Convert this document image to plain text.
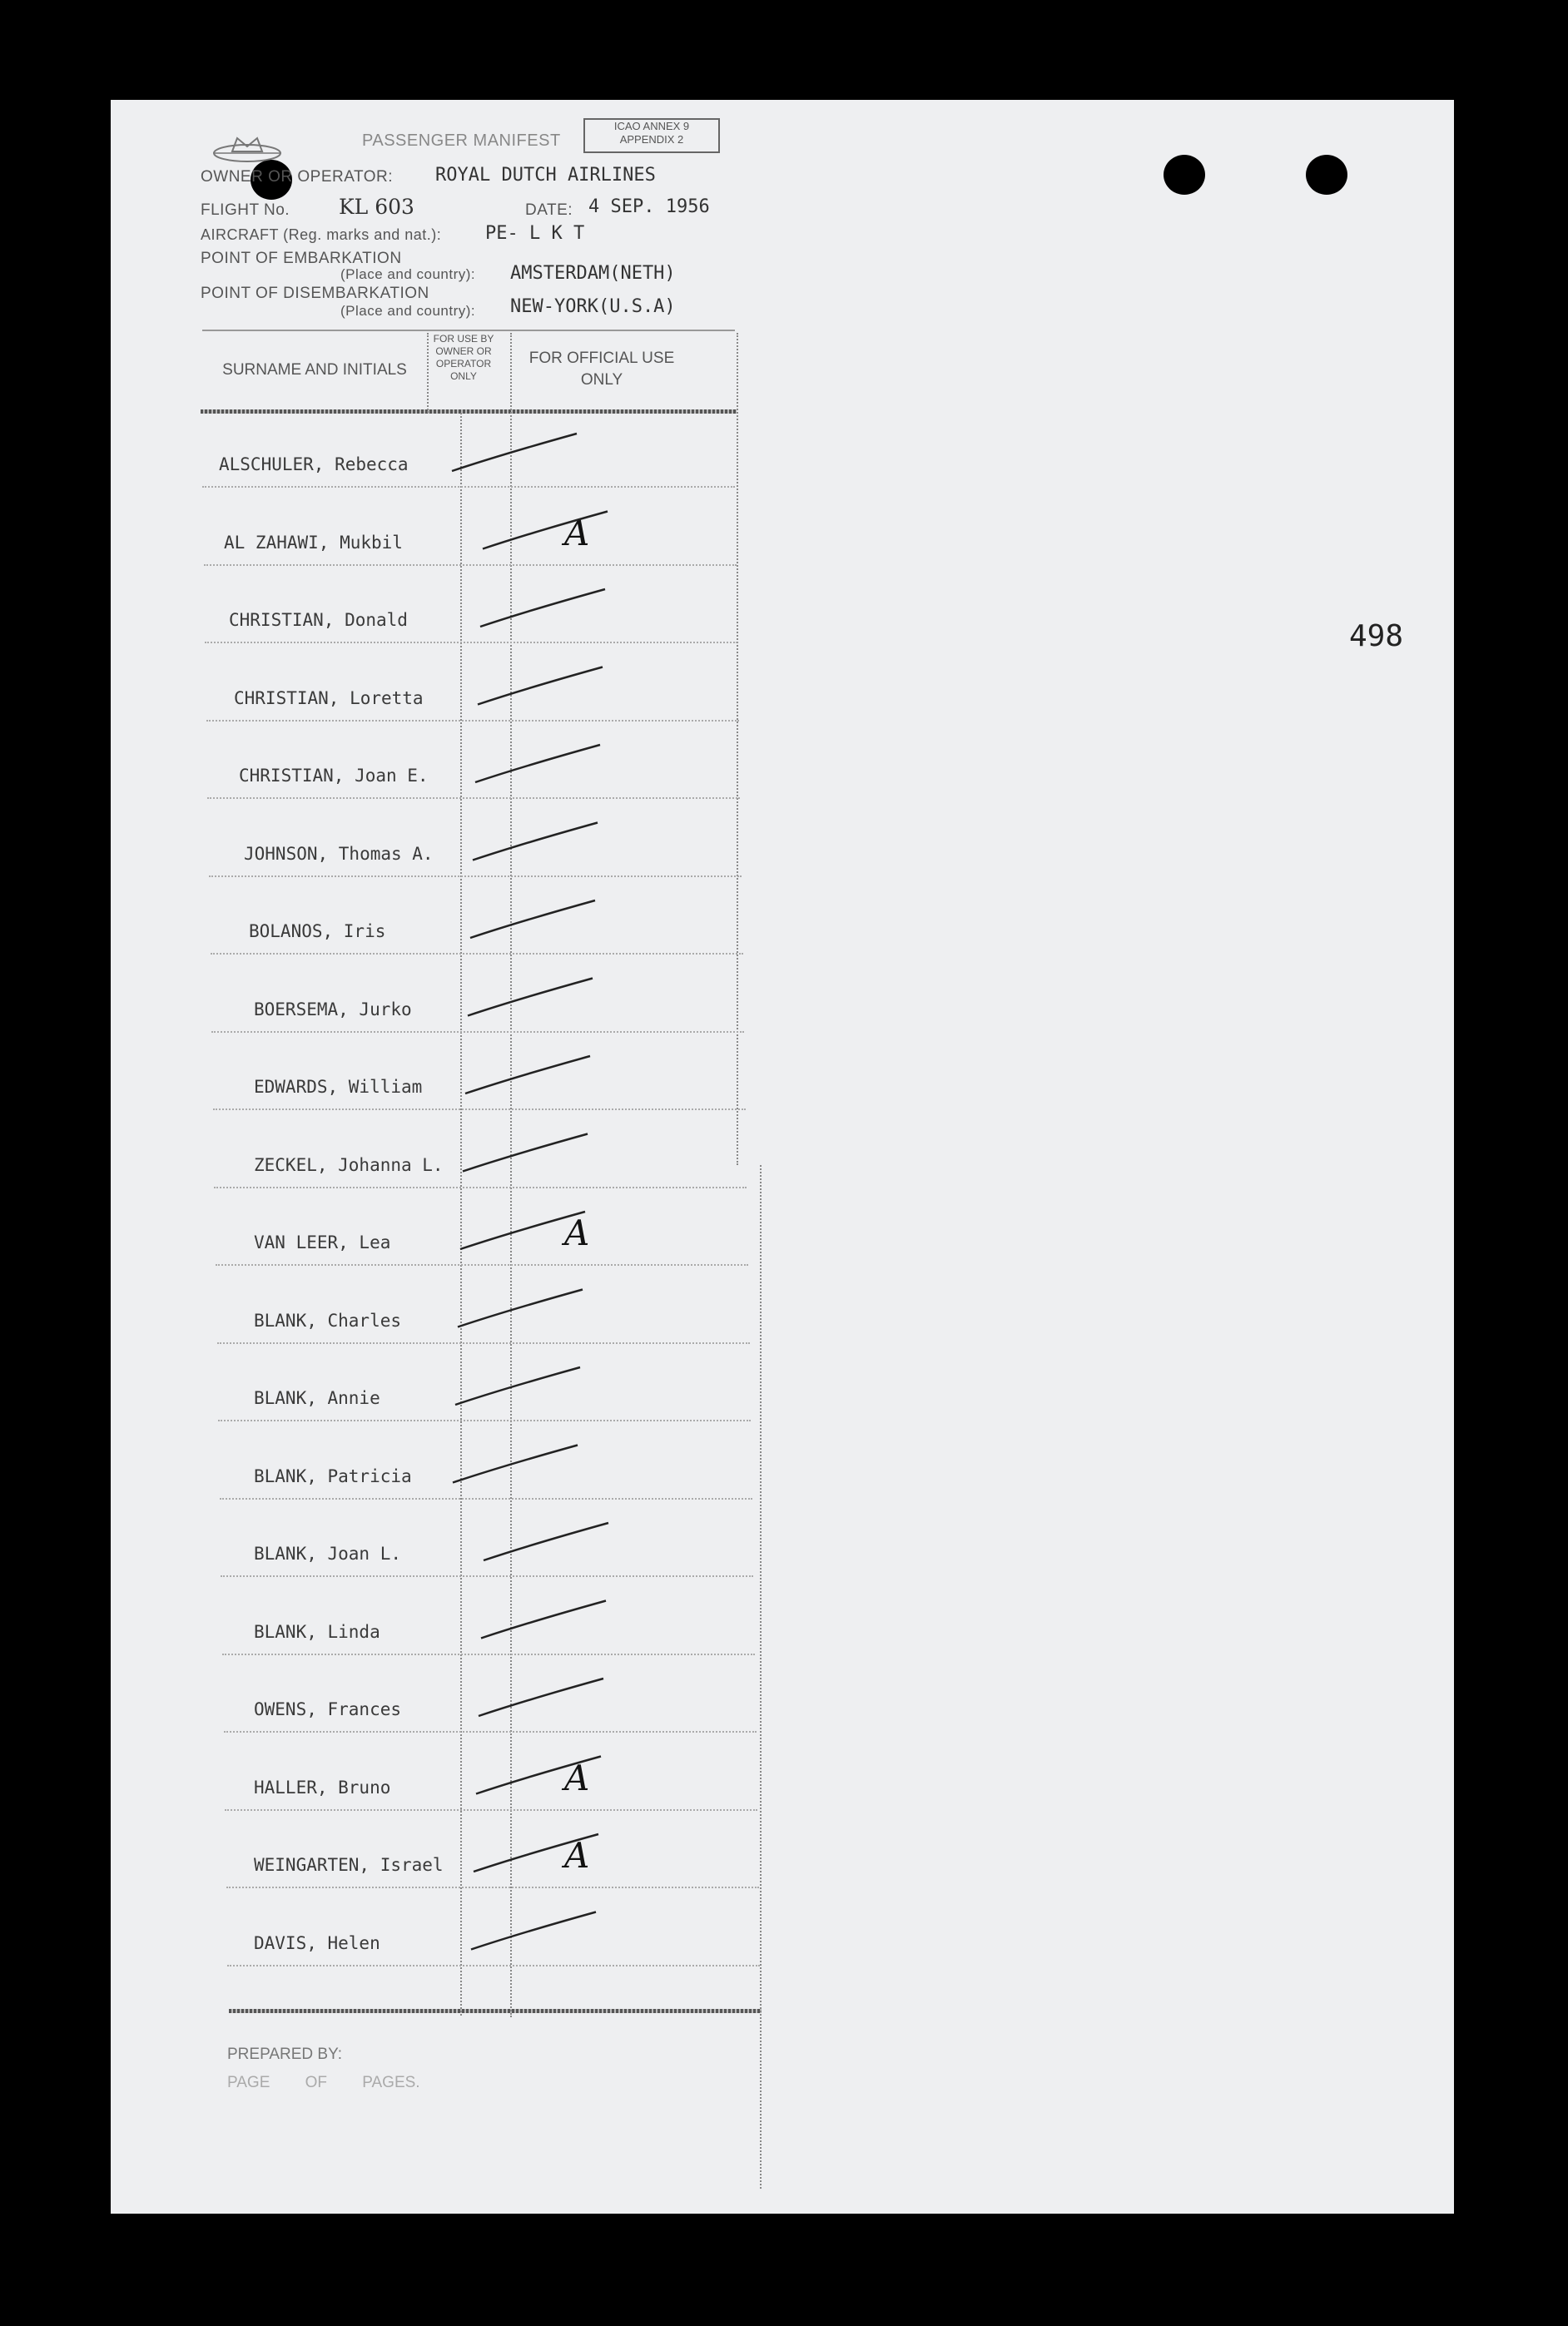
PASSENGER MANIFEST
ICAO ANNEX 9
APPENDIX 2
OWNER OR OPERATOR: ROYAL DUTCH AIRLINES
FLIGHT No. KL 603	DATE: 4 SEP. 1956
AIRCRAFT (Reg. marks and nat.): PE- L K T
POINT OF EMBARKATION
(Place and country): AMSTERDAM(NETH)
POINT OF DISEMBARKATION
(Place and country): NEW-YORK(U.S.A)
SURNAME AND INITIALS
FOR USE BY OWNER OR OPERATOR ONLY
FOR OFFICIAL USE ONLY
ALSCHULER, Rebecca
AL ZAHAWI, Mukbil	A
CHRISTIAN, Donald
CHRISTIAN, Loretta
CHRISTIAN, Joan E.
JOHNSON, Thomas A.
BOLANOS, Iris
BOERSEMA, Jurko
EDWARDS, William
ZECKEL, Johanna L.
VAN LEER, Lea	A
BLANK, Charles
BLANK, Annie
BLANK, Patricia
BLANK, Joan L.
BLANK, Linda
OWENS, Frances
HALLER, Bruno	A
WEINGARTEN, Israel	A
DAVIS, Helen
498
PREPARED BY:
PAGE        OF        PAGES.
